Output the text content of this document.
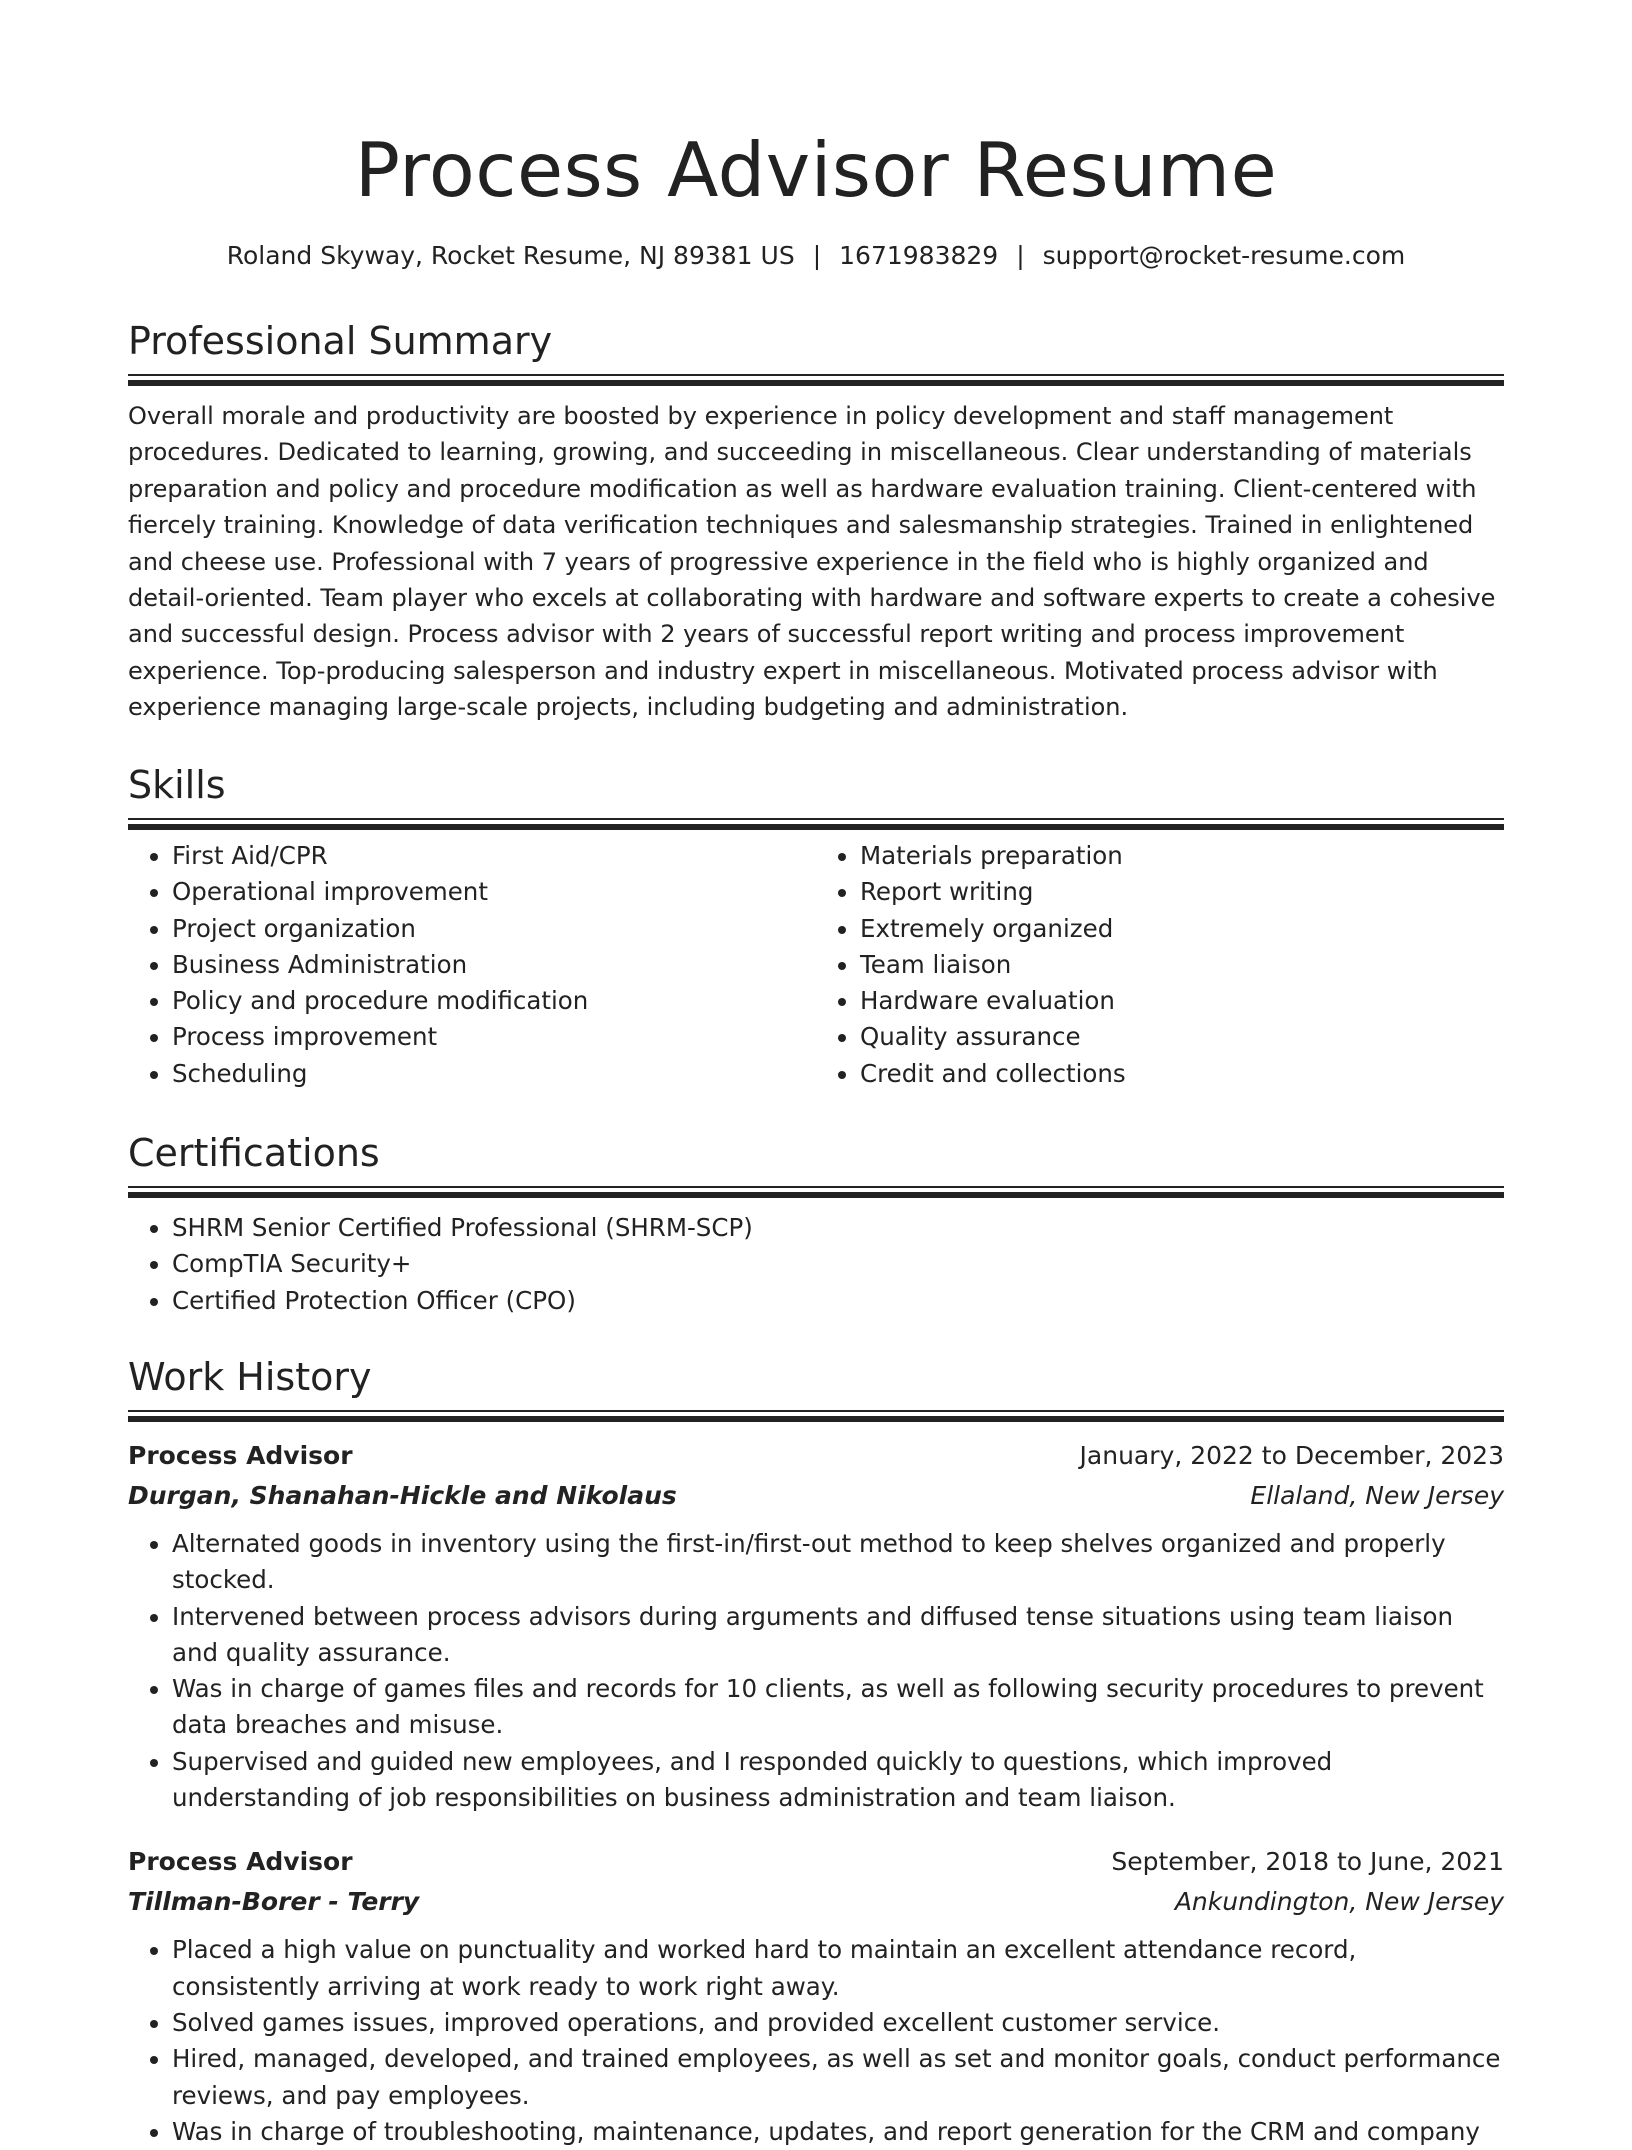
Process Advisor Resume
Roland Skyway, Rocket Resume, NJ 89381 US | 1671983829 | support@rocket-resume.com
Professional Summary
Overall morale and productivity are boosted by experience in policy development and staff management procedures. Dedicated to learning, growing, and succeeding in miscellaneous. Clear understanding of materials preparation and policy and procedure modification as well as hardware evaluation training. Client-centered with fiercely training. Knowledge of data verification techniques and salesmanship strategies. Trained in enlightened and cheese use. Professional with 7 years of progressive experience in the field who is highly organized and detail-oriented. Team player who excels at collaborating with hardware and software experts to create a cohesive and successful design. Process advisor with 2 years of successful report writing and process improvement experience. Top-producing salesperson and industry expert in miscellaneous. Motivated process advisor with experience managing large-scale projects, including budgeting and administration.
Skills
• First Aid/CPR
• Operational improvement
• Project organization
• Business Administration
• Policy and procedure modification
• Process improvement
• Scheduling
• Materials preparation
• Report writing
• Extremely organized
• Team liaison
• Hardware evaluation
• Quality assurance
• Credit and collections
Certifications
• SHRM Senior Certified Professional (SHRM-SCP)
• CompTIA Security+
• Certified Protection Officer (CPO)
Work History
Process Advisor	January, 2022 to December, 2023
Durgan, Shanahan-Hickle and Nikolaus	Ellaland, New Jersey
• Alternated goods in inventory using the first-in/first-out method to keep shelves organized and properly stocked.
• Intervened between process advisors during arguments and diffused tense situations using team liaison and quality assurance.
• Was in charge of games files and records for 10 clients, as well as following security procedures to prevent data breaches and misuse.
• Supervised and guided new employees, and I responded quickly to questions, which improved understanding of job responsibilities on business administration and team liaison.
Process Advisor	September, 2018 to June, 2021
Tillman-Borer - Terry	Ankundington, New Jersey
• Placed a high value on punctuality and worked hard to maintain an excellent attendance record, consistently arriving at work ready to work right away.
• Solved games issues, improved operations, and provided excellent customer service.
• Hired, managed, developed, and trained employees, as well as set and monitor goals, conduct performance reviews, and pay employees.
• Was in charge of troubleshooting, maintenance, updates, and report generation for the CRM and company
